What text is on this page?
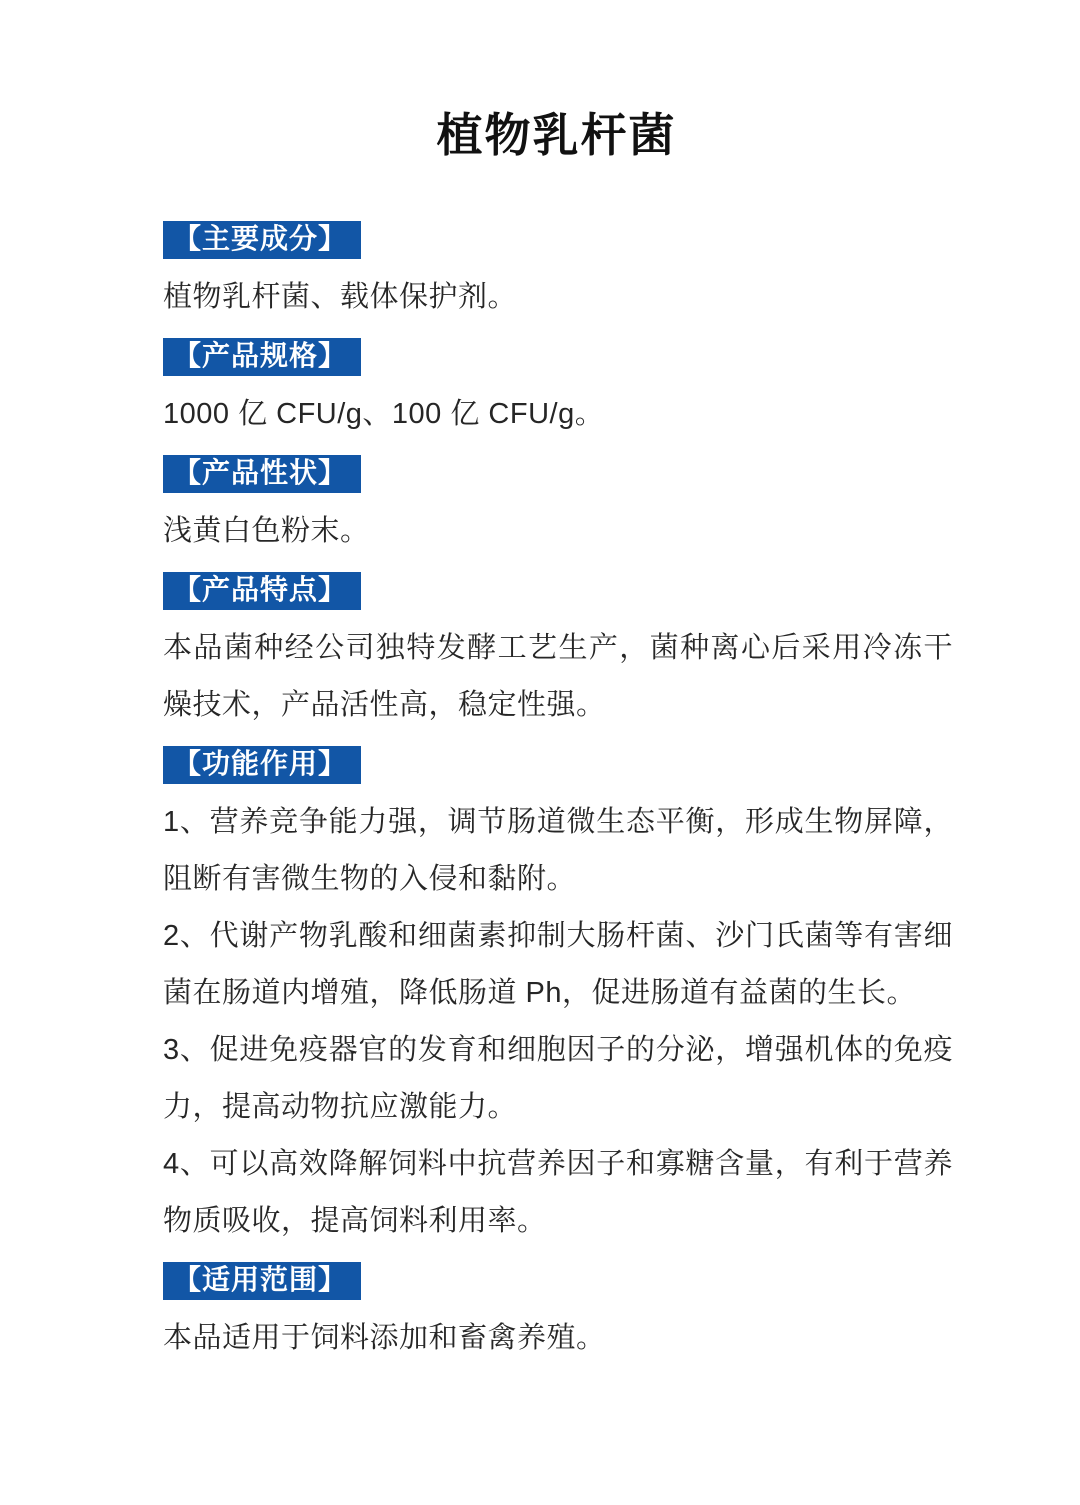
植物乳杆菌
【主要成分】

植物乳杆菌、载体保护剂。

【产品规格】

1000 亿 CFU/g、100 亿 CFU/g。

【产品性状】

浅黄白色粉末。

【产品特点】

本品菌种经公司独特发酵工艺生产，菌种离心后采用冷冻干燥技术，产品活性高，稳定性强。

【功能作用】

1、营养竞争能力强，调节肠道微生态平衡，形成生物屏障，阻断有害微生物的入侵和黏附。

2、代谢产物乳酸和细菌素抑制大肠杆菌、沙门氏菌等有害细菌在肠道内增殖，降低肠道 Ph，促进肠道有益菌的生长。

3、促进免疫器官的发育和细胞因子的分泌，增强机体的免疫力，提高动物抗应激能力。

4、可以高效降解饲料中抗营养因子和寡糖含量，有利于营养物质吸收，提高饲料利用率。

【适用范围】

本品适用于饲料添加和畜禽养殖。
